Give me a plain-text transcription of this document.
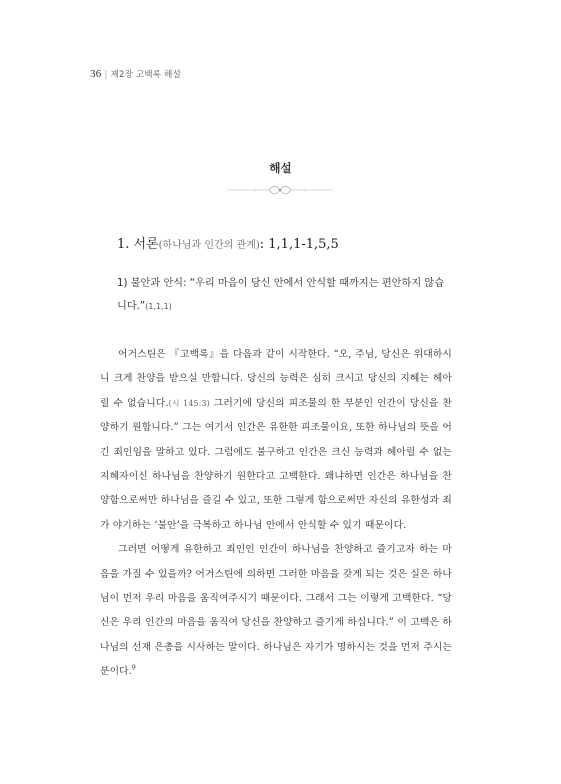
36 | 제2장 고백록 해설
해설
1. 서론(하나님과 인간의 관계): 1,1,1-1,5,5
1) 불안과 안식: “우리 마음이 당신 안에서 안식할 때까지는 편안하지 않습니다.”(1,1,1)

어거스틴은 『고백록』을 다음과 같이 시작한다. “오, 주님, 당신은 위대하시니 크게 찬양을 받으실 만합니다. 당신의 능력은 심히 크시고 당신의 지혜는 헤아릴 수 없습니다.(시 145:3) 그러기에 당신의 피조물의 한 부분인 인간이 당신을 찬양하기 원합니다.” 그는 여기서 인간은 유한한 피조물이요, 또한 하나님의 뜻을 어긴 죄인임을 말하고 있다. 그럼에도 불구하고 인간은 크신 능력과 헤아릴 수 없는 지혜자이신 하나님을 찬양하기 원한다고 고백한다. 왜냐하면 인간은 하나님을 찬양함으로써만 하나님을 즐길 수 있고, 또한 그렇게 함으로써만 자신의 유한성과 죄가 야기하는 ‘불안’을 극복하고 하나님 안에서 안식할 수 있기 때문이다.

그러면 어떻게 유한하고 죄인인 인간이 하나님을 찬양하고 즐기고자 하는 마음을 가질 수 있을까? 어거스틴에 의하면 그러한 마음을 갖게 되는 것은 실은 하나님이 먼저 우리 마음을 움직여주시기 때문이다. 그래서 그는 이렇게 고백한다. “당신은 우리 인간의 마음을 움직여 당신을 찬양하고 즐기게 하십니다.” 이 고백은 하나님의 선재 은총을 시사하는 말이다. 하나님은 자기가 명하시는 것을 먼저 주시는 분이다.$^9$
